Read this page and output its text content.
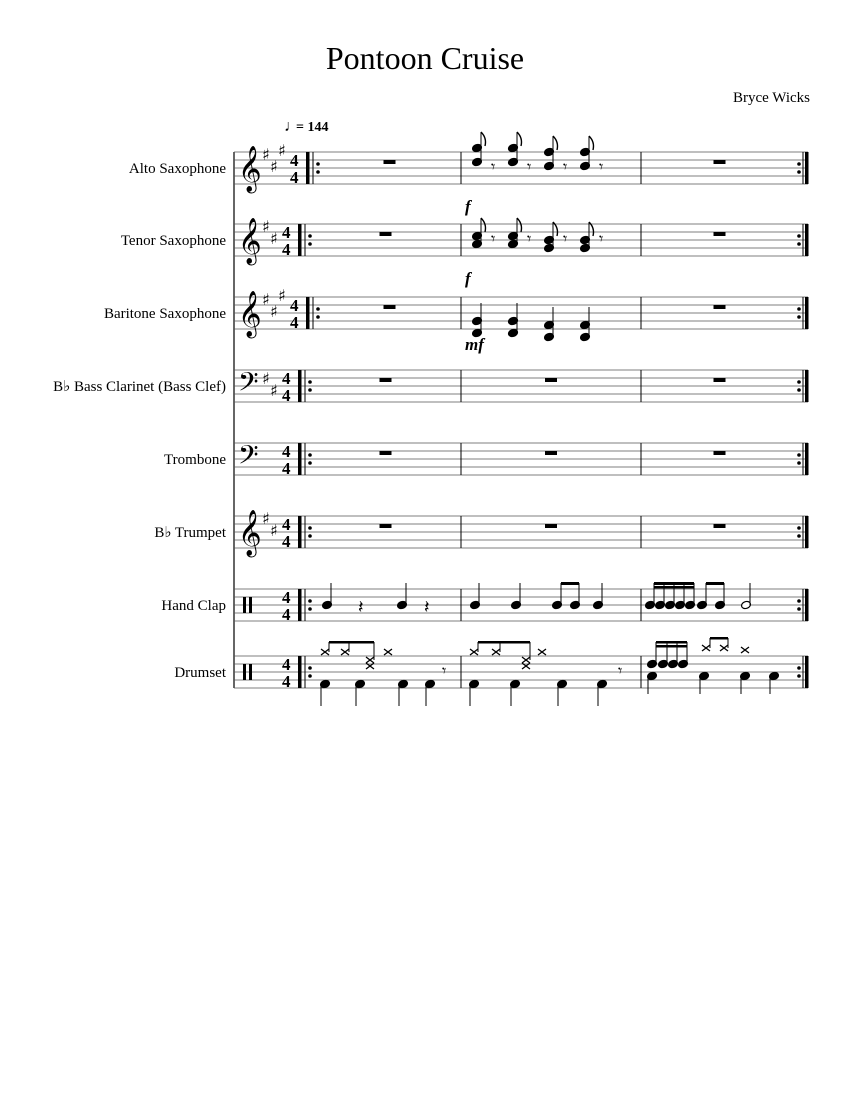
Pontoon Cruise
Bryce Wicks
♩
= 144
Alto Saxophone 𝄞 ♯
♯
♯
4
4
𝄾 𝄾 𝄾 𝄾
f
Tenor Saxophone 𝄞 ♯
♯ 4
4
𝄾 𝄾 𝄾 𝄾
f
Baritone Saxophone 𝄞 ♯
♯
♯
4
4
mf
B♭ Bass Clarinet (Bass Clef) 𝄢 ♯
♯
4
4
Trombone 𝄢 4
4
B♭ Trumpet 𝄞 ♯
♯ 4
4
Hand Clap	4
4	𝄽	𝄽
Drumset	4
4
𝄾	𝄾
